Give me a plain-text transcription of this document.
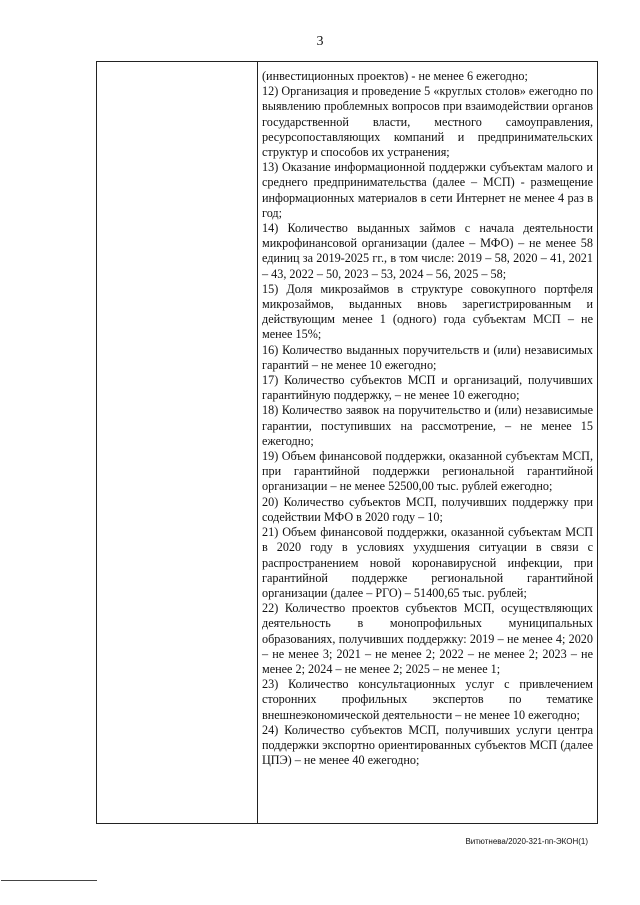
3

(инвестиционных проектов) - не менее 6 ежегодно;

12) Организация и проведение 5 «круглых столов» ежегодно по выявлению проблемных вопросов при взаимодействии органов государственной власти, местного самоуправления, ресурсопоставляющих компаний и предпринимательских структур и способов их устранения;

13) Оказание информационной поддержки субъектам малого и среднего предпринимательства (далее – МСП) - размещение информационных материалов в сети Интернет не менее 4 раз в год;

14) Количество выданных займов с начала деятельности микрофинансовой организации (далее – МФО) – не менее 58 единиц за 2019-2025 гг., в том числе: 2019 – 58, 2020 – 41, 2021 – 43, 2022 – 50, 2023 – 53, 2024 – 56, 2025 – 58;

15) Доля микрозаймов в структуре совокупного портфеля микрозаймов, выданных вновь зарегистрированным и действующим менее 1 (одного) года субъектам МСП – не менее 15%;

16) Количество выданных поручительств и (или) независимых гарантий – не менее 10 ежегодно;

17) Количество субъектов МСП и организаций, получивших гарантийную поддержку, – не менее 10 ежегодно;

18) Количество заявок на поручительство и (или) независимые гарантии, поступивших на рассмотрение, – не менее 15 ежегодно;

19) Объем финансовой поддержки, оказанной субъектам МСП, при гарантийной поддержки региональной гарантийной организации – не менее 52500,00 тыс. рублей ежегодно;

20) Количество субъектов МСП, получивших поддержку при содействии МФО в 2020 году – 10;

21) Объем финансовой поддержки, оказанной субъектам МСП в 2020 году в условиях ухудшения ситуации в связи с распространением новой коронавирусной инфекции, при гарантийной поддержке региональной гарантийной организации (далее – РГО) – 51400,65 тыс. рублей;

22) Количество проектов субъектов МСП, осуществляющих деятельность в монопрофильных муниципальных образованиях, получивших поддержку: 2019 – не менее 4; 2020 – не менее 3; 2021 – не менее 2; 2022 – не менее 2; 2023 – не менее 2; 2024 – не менее 2; 2025 – не менее 1;

23) Количество консультационных услуг с привлечением сторонних профильных экспертов по тематике внешнеэкономической деятельности – не менее 10 ежегодно;

24) Количество субъектов МСП, получивших услуги центра поддержки экспортно ориентированных субъектов МСП (далее ЦПЭ) – не менее 40 ежегодно;

Витютнева/2020-321-пп-ЭКОН(1)
